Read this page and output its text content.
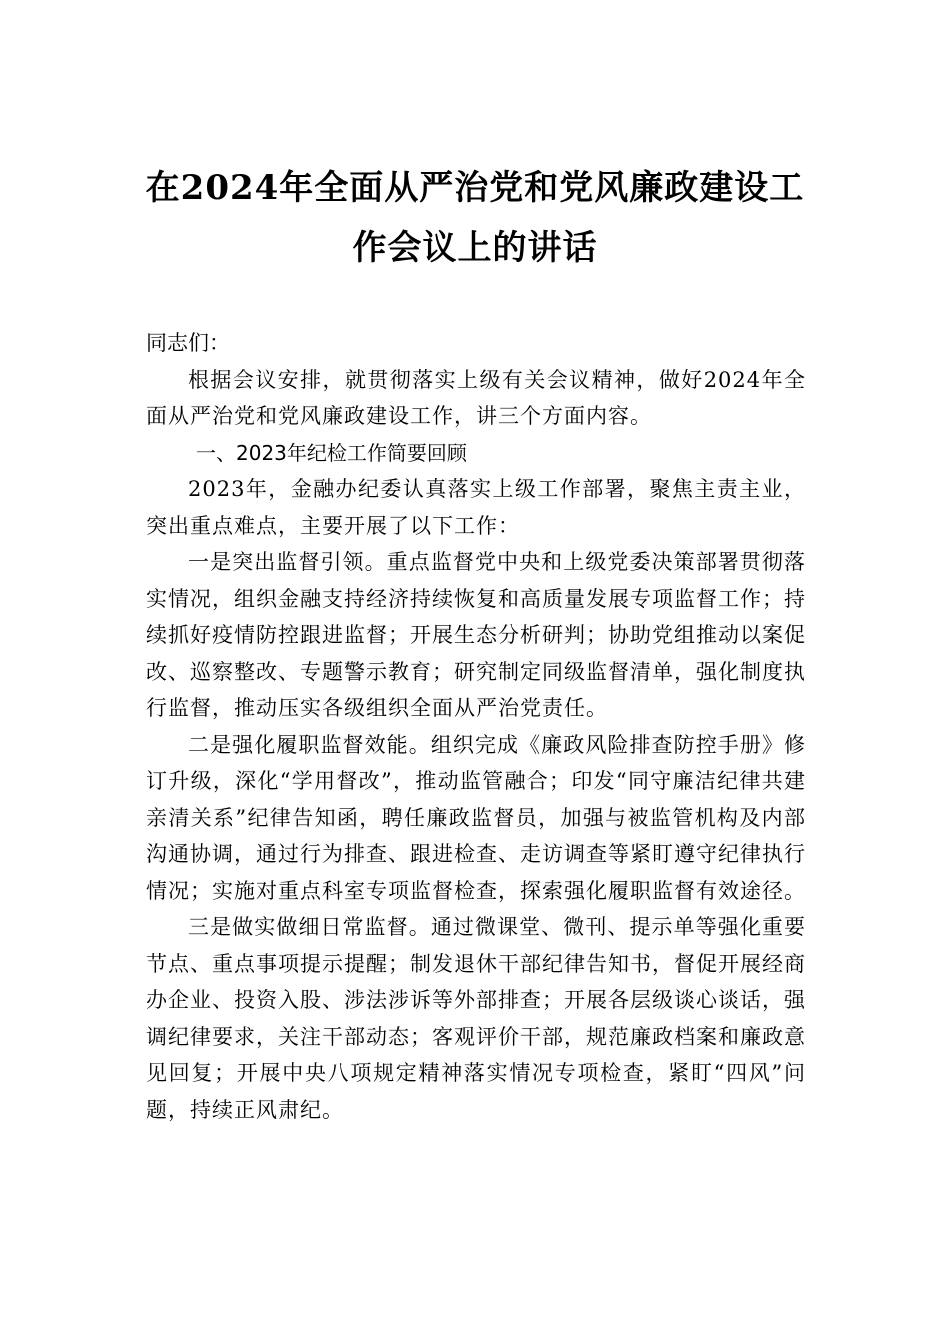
在2024年全面从严治党和党风廉政建设工
作会议上的讲话

同志们：

根据会议安排，就贯彻落实上级有关会议精神，做好2024年全面从严治党和党风廉政建设工作，讲三个方面内容。

一、2023年纪检工作简要回顾

2023年，金融办纪委认真落实上级工作部署，聚焦主责主业，突出重点难点，主要开展了以下工作：

一是突出监督引领。重点监督党中央和上级党委决策部署贯彻落实情况，组织金融支持经济持续恢复和高质量发展专项监督工作；持续抓好疫情防控跟进监督；开展生态分析研判；协助党组推动以案促改、巡察整改、专题警示教育；研究制定同级监督清单，强化制度执行监督，推动压实各级组织全面从严治党责任。

二是强化履职监督效能。组织完成《廉政风险排查防控手册》修订升级，深化“学用督改”，推动监管融合；印发“同守廉洁纪律共建亲清关系”纪律告知函，聘任廉政监督员，加强与被监管机构及内部沟通协调，通过行为排查、跟进检查、走访调查等紧盯遵守纪律执行情况；实施对重点科室专项监督检查，探索强化履职监督有效途径。

三是做实做细日常监督。通过微课堂、微刊、提示单等强化重要节点、重点事项提示提醒；制发退休干部纪律告知书，督促开展经商办企业、投资入股、涉法涉诉等外部排查；开展各层级谈心谈话，强调纪律要求，关注干部动态；客观评价干部，规范廉政档案和廉政意见回复；开展中央八项规定精神落实情况专项检查，紧盯“四风”问题，持续正风肃纪。
